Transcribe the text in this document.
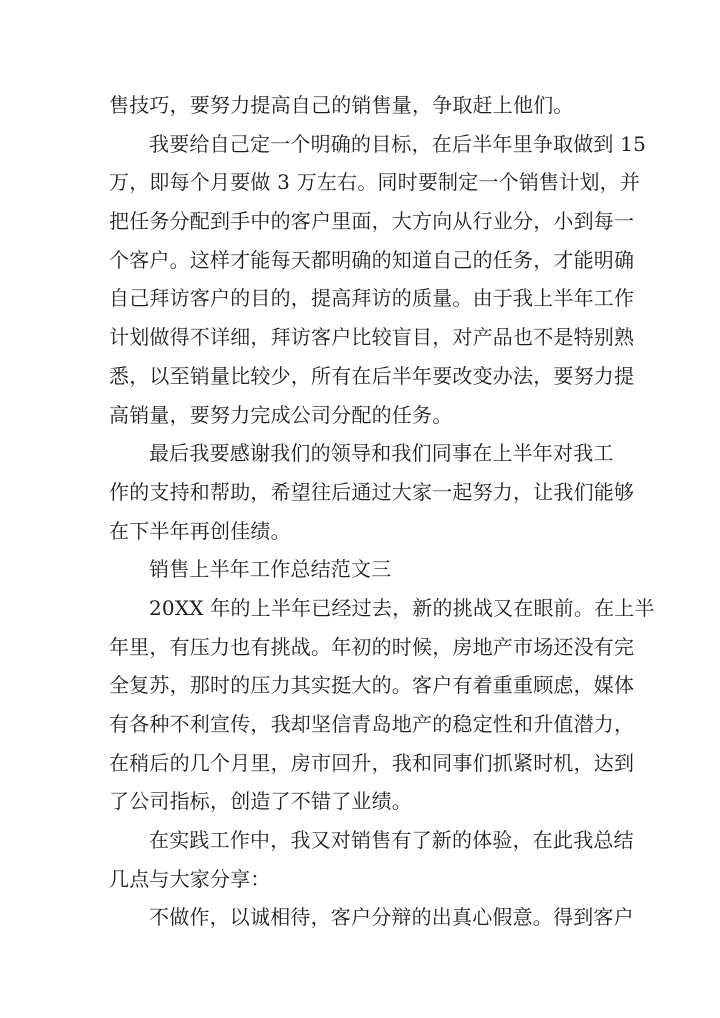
售技巧，要努力提高自己的销售量，争取赶上他们。
我要给自己定一个明确的目标，在后半年里争取做到 15
万，即每个月要做 3 万左右。同时要制定一个销售计划，并
把任务分配到手中的客户里面，大方向从行业分，小到每一
个客户。这样才能每天都明确的知道自己的任务，才能明确
自己拜访客户的目的，提高拜访的质量。由于我上半年工作
计划做得不详细，拜访客户比较盲目，对产品也不是特别熟
悉，以至销量比较少，所有在后半年要改变办法，要努力提
高销量，要努力完成公司分配的任务。
最后我要感谢我们的领导和我们同事在上半年对我工
作的支持和帮助，希望往后通过大家一起努力，让我们能够
在下半年再创佳绩。
销售上半年工作总结范文三
20XX 年的上半年已经过去，新的挑战又在眼前。在上半
年里，有压力也有挑战。年初的时候，房地产市场还没有完
全复苏，那时的压力其实挺大的。客户有着重重顾虑，媒体
有各种不利宣传，我却坚信青岛地产的稳定性和升值潜力，
在稍后的几个月里，房市回升，我和同事们抓紧时机，达到
了公司指标，创造了不错了业绩。
在实践工作中，我又对销售有了新的体验，在此我总结
几点与大家分享：
不做作，以诚相待，客户分辩的出真心假意。得到客户
